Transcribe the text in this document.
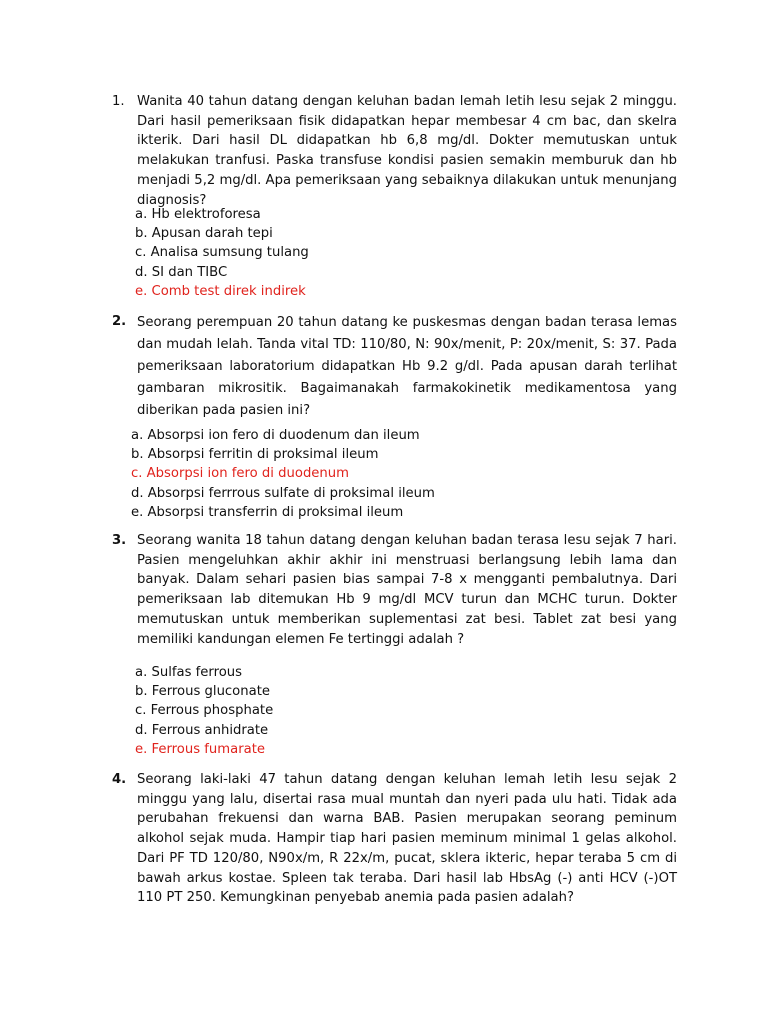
1. Wanita 40 tahun datang dengan keluhan badan lemah letih lesu sejak 2 minggu. Dari hasil pemeriksaan fisik didapatkan hepar membesar 4 cm bac, dan skelra ikterik. Dari hasil DL didapatkan hb 6,8 mg/dl. Dokter memutuskan untuk melakukan tranfusi. Paska transfuse kondisi pasien semakin memburuk dan hb menjadi 5,2 mg/dl. Apa pemeriksaan yang sebaiknya dilakukan untuk menunjang diagnosis?

a. Hb elektroforesa
b. Apusan darah tepi
c. Analisa sumsung tulang
d. SI dan TIBC
e. Comb test direk indirek
2. Seorang perempuan 20 tahun datang ke puskesmas dengan badan terasa lemas dan mudah lelah. Tanda vital TD: 110/80, N: 90x/menit, P: 20x/menit, S: 37. Pada pemeriksaan laboratorium didapatkan Hb 9.2 g/dl. Pada apusan darah terlihat gambaran mikrositik. Bagaimanakah farmakokinetik medikamentosa yang diberikan pada pasien ini?

a. Absorpsi ion fero di duodenum dan ileum
b. Absorpsi ferritin di proksimal ileum
c. Absorpsi ion fero di duodenum
d. Absorpsi ferrrous sulfate di proksimal ileum
e. Absorpsi transferrin di proksimal ileum
3. Seorang wanita 18 tahun datang dengan keluhan badan terasa lesu sejak 7 hari. Pasien mengeluhkan akhir akhir ini menstruasi berlangsung lebih lama dan banyak. Dalam sehari pasien bias sampai 7-8 x mengganti pembalutnya. Dari pemeriksaan lab ditemukan Hb 9 mg/dl MCV turun dan MCHC turun. Dokter memutuskan untuk memberikan suplementasi zat besi. Tablet zat besi yang memiliki kandungan elemen Fe tertinggi adalah ?

a. Sulfas ferrous
b. Ferrous gluconate
c. Ferrous phosphate
d. Ferrous anhidrate
e. Ferrous fumarate
4. Seorang laki-laki 47 tahun datang dengan keluhan lemah letih lesu sejak 2 minggu yang lalu, disertai rasa mual muntah dan nyeri pada ulu hati. Tidak ada perubahan frekuensi dan warna BAB. Pasien merupakan seorang peminum alkohol sejak muda. Hampir tiap hari pasien meminum minimal 1 gelas alkohol. Dari PF TD 120/80, N90x/m, R 22x/m, pucat, sklera ikteric, hepar teraba 5 cm di bawah arkus kostae. Spleen tak teraba. Dari hasil lab HbsAg (-) anti HCV (-)OT 110 PT 250. Kemungkinan penyebab anemia pada pasien adalah?
